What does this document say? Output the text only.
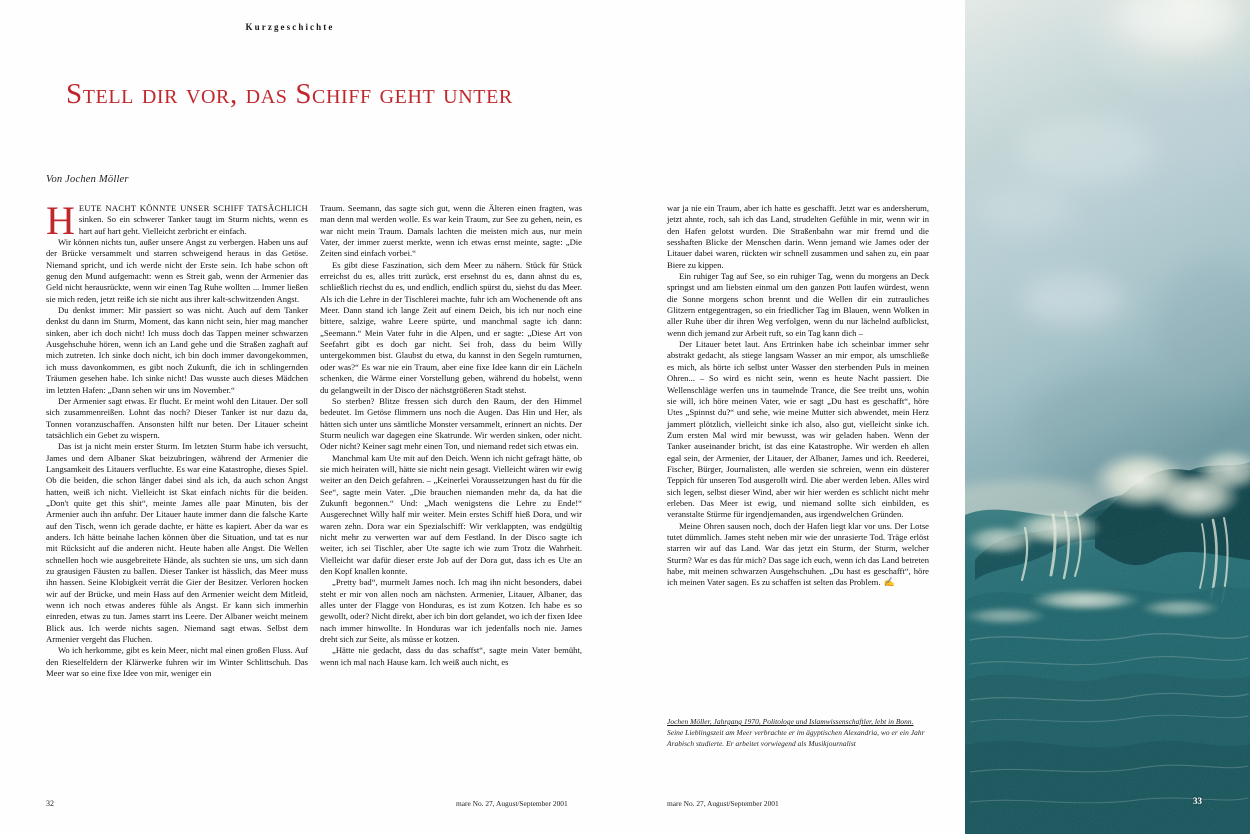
Kurzgeschichte
Stell dir vor, das Schiff geht unter
Von Jochen Möller

HEUTE NACHT KÖNNTE UNSER SCHIFF TATSÄCHLICH sinken. So ein schwerer Tanker taugt im Sturm nichts, wenn es hart auf hart geht. Vielleicht zerbricht er einfach.

Wir können nichts tun, außer unsere Angst zu verbergen. Haben uns auf der Brücke versammelt und starren schweigend heraus in das Getöse. Niemand spricht, und ich werde nicht der Erste sein. Ich habe schon oft genug den Mund aufgemacht: wenn es Streit gab, wenn der Armenier das Geld nicht herausrückte, wenn wir einen Tag Ruhe wollten ... Immer ließen sie mich reden, jetzt reiße ich sie nicht aus ihrer kalt-schwitzenden Angst.

Du denkst immer: Mir passiert so was nicht. Auch auf dem Tanker denkst du dann im Sturm, Moment, das kann nicht sein, hier mag mancher sinken, aber ich doch nicht! Ich muss doch das Tappen meiner schwarzen Ausgehschuhe hören, wenn ich an Land gehe und die Straßen zaghaft auf mich zutreten. Ich sinke doch nicht, ich bin doch immer davongekommen, ich muss davonkommen, es gibt noch Zukunft, die ich in schlingernden Träumen gesehen habe. Ich sinke nicht! Das wusste auch dieses Mädchen im letzten Hafen: „Dann sehen wir uns im November.“

Der Armenier sagt etwas. Er flucht. Er meint wohl den Litauer. Der soll sich zusammenreißen. Lohnt das noch? Dieser Tanker ist nur dazu da, Tonnen voranzuschaffen. Ansonsten hilft nur beten. Der Litauer scheint tatsächlich ein Gebet zu wispern.

Das ist ja nicht mein erster Sturm. Im letzten Sturm habe ich versucht, James und dem Albaner Skat beizubringen, während der Armenier die Langsamkeit des Litauers verfluchte. Es war eine Katastrophe, dieses Spiel. Ob die beiden, die schon länger dabei sind als ich, da auch schon Angst hatten, weiß ich nicht. Vielleicht ist Skat einfach nichts für die beiden. „Don't quite get this shit“, meinte James alle paar Minuten, bis der Armenier auch ihn anfuhr. Der Litauer haute immer dann die falsche Karte auf den Tisch, wenn ich gerade dachte, er hätte es kapiert. Aber da war es anders. Ich hätte beinahe lachen können über die Situation, und tat es nur mit Rücksicht auf die anderen nicht. Heute haben alle Angst. Die Wellen schnellen hoch wie ausgebreitete Hände, als suchten sie uns, um sich dann zu grausigen Fäusten zu ballen. Dieser Tanker ist hässlich, das Meer muss ihn hassen. Seine Klobigkeit verrät die Gier der Besitzer. Verloren hocken wir auf der Brücke, und mein Hass auf den Armenier weicht dem Mitleid, wenn ich noch etwas anderes fühle als Angst. Er kann sich immerhin einreden, etwas zu tun. James starrt ins Leere. Der Albaner weicht meinem Blick aus. Ich werde nichts sagen. Niemand sagt etwas. Selbst dem Armenier vergeht das Fluchen.

Wo ich herkomme, gibt es kein Meer, nicht mal einen großen Fluss. Auf den Rieselfeldern der Klärwerke fuhren wir im Winter Schlittschuh. Das Meer war so eine fixe Idee von mir, weniger ein

Traum. Seemann, das sagte sich gut, wenn die Älteren einen fragten, was man denn mal werden wolle. Es war kein Traum, zur See zu gehen, nein, es war nicht mein Traum. Damals lachten die meisten mich aus, nur mein Vater, der immer zuerst merkte, wenn ich etwas ernst meinte, sagte: „Die Zeiten sind einfach vorbei.“

Es gibt diese Faszination, sich dem Meer zu nähern. Stück für Stück erreichst du es, alles tritt zurück, erst ersehnst du es, dann ahnst du es, schließlich riechst du es, und endlich, endlich spürst du, siehst du das Meer. Als ich die Lehre in der Tischlerei machte, fuhr ich am Wochenende oft ans Meer. Dann stand ich lange Zeit auf einem Deich, bis ich nur noch eine bittere, salzige, wahre Leere spürte, und manchmal sagte ich dann: „Seemann.“ Mein Vater fuhr in die Alpen, und er sagte: „Diese Art von Seefahrt gibt es doch gar nicht. Sei froh, dass du beim Willy untergekommen bist. Glaubst du etwa, du kannst in den Segeln rumturnen, oder was?“ Es war nie ein Traum, aber eine fixe Idee kann dir ein Lächeln schenken, die Wärme einer Vorstellung geben, während du hobelst, wenn du gelangweilt in der Disco der nächstgrößeren Stadt stehst.

So sterben? Blitze fressen sich durch den Raum, der den Himmel bedeutet. Im Getöse flimmern uns noch die Augen. Das Hin und Her, als hätten sich unter uns sämtliche Monster versammelt, erinnert an nichts. Der Sturm neulich war dagegen eine Skatrunde. Wir werden sinken, oder nicht. Oder nicht? Keiner sagt mehr einen Ton, und niemand redet sich etwas ein.

Manchmal kam Ute mit auf den Deich. Wenn ich nicht gefragt hätte, ob sie mich heiraten will, hätte sie nicht nein gesagt. Vielleicht wären wir ewig weiter an den Deich gefahren. – „Keinerlei Voraussetzungen hast du für die See“, sagte mein Vater. „Die brauchen niemanden mehr da, da hat die Zukunft begonnen.“ Und: „Mach wenigstens die Lehre zu Ende!“ Ausgerechnet Willy half mir weiter. Mein erstes Schiff hieß Dora, und wir waren zehn. Dora war ein Spezialschiff: Wir verklappten, was endgültig nicht mehr zu verwerten war auf dem Festland. In der Disco sagte ich weiter, ich sei Tischler, aber Ute sagte ich wie zum Trotz die Wahrheit. Vielleicht war dafür dieser erste Job auf der Dora gut, dass ich es Ute an den Kopf knallen konnte.

„Pretty bad“, murmelt James noch. Ich mag ihn nicht besonders, dabei steht er mir von allen noch am nächsten. Armenier, Litauer, Albaner, das alles unter der Flagge von Honduras, es ist zum Kotzen. Ich habe es so gewollt, oder? Nicht direkt, aber ich bin dort gelandet, wo ich der fixen Idee nach immer hinwollte. In Honduras war ich jedenfalls noch nie. James dreht sich zur Seite, als müsse er kotzen.

„Hätte nie gedacht, dass du das schaffst“, sagte mein Vater bemüht, wenn ich mal nach Hause kam. Ich weiß auch nicht, es

war ja nie ein Traum, aber ich hatte es geschafft. Jetzt war es andersherum, jetzt ahnte, roch, sah ich das Land, strudelten Gefühle in mir, wenn wir in den Hafen gelotst wurden. Die Straßenbahn war mir fremd und die sesshaften Blicke der Menschen darin. Wenn jemand wie James oder der Litauer dabei waren, rückten wir schnell zusammen und sahen zu, ein paar Biere zu kippen.

Ein ruhiger Tag auf See, so ein ruhiger Tag, wenn du morgens an Deck springst und am liebsten einmal um den ganzen Pott laufen würdest, wenn die Sonne morgens schon brennt und die Wellen dir ein zutrauliches Glitzern entgegentragen, so ein friedlicher Tag im Blauen, wenn Wolken in aller Ruhe über dir ihren Weg verfolgen, wenn du nur lächelnd aufblickst, wenn dich jemand zur Arbeit ruft, so ein Tag kann dich –

Der Litauer betet laut. Ans Ertrinken habe ich scheinbar immer sehr abstrakt gedacht, als stiege langsam Wasser an mir empor, als umschließe es mich, als hörte ich selbst unter Wasser den sterbenden Puls in meinen Ohren... – So wird es nicht sein, wenn es heute Nacht passiert. Die Wellenschläge werfen uns in taumelnde Trance, die See treibt uns, wohin sie will, ich höre meinen Vater, wie er sagt „Du hast es geschafft“, höre Utes „Spinnst du?“ und sehe, wie meine Mutter sich abwendet, mein Herz jammert plötzlich, vielleicht sinke ich also, also gut, vielleicht sinke ich. Zum ersten Mal wird mir bewusst, was wir geladen haben. Wenn der Tanker auseinander bricht, ist das eine Katastrophe. Wir werden eh allen egal sein, der Armenier, der Litauer, der Albaner, James und ich. Reederei, Fischer, Bürger, Journalisten, alle werden sie schreien, wenn ein düsterer Teppich für unseren Tod ausgerollt wird. Die aber werden leben. Alles wird sich legen, selbst dieser Wind, aber wir hier werden es schlicht nicht mehr erleben. Das Meer ist ewig, und niemand sollte sich einbilden, es veranstalte Stürme für irgendjemanden, aus irgendwelchen Gründen.

Meine Ohren sausen noch, doch der Hafen liegt klar vor uns. Der Lotse tutet dümmlich. James steht neben mir wie der unrasierte Tod. Träge erlöst starren wir auf das Land. War das jetzt ein Sturm, der Sturm, welcher Sturm? War es das für mich? Das sage ich euch, wenn ich das Land betreten habe, mit meinen schwarzen Ausgehschuhen. „Du hast es geschafft“, höre ich meinen Vater sagen. Es zu schaffen ist selten das Problem. ✍

Jochen Möller, Jahrgang 1970, Politologe und Islamwissenschaftler, lebt in Bonn.
Seine Lieblingszeit am Meer verbrachte er im ägyptischen Alexandria, wo er ein Jahr Arabisch studierte. Er arbeitet vorwiegend als Musikjournalist
32	mare No. 27, August/September 2001	mare No. 27, August/September 2001	33
